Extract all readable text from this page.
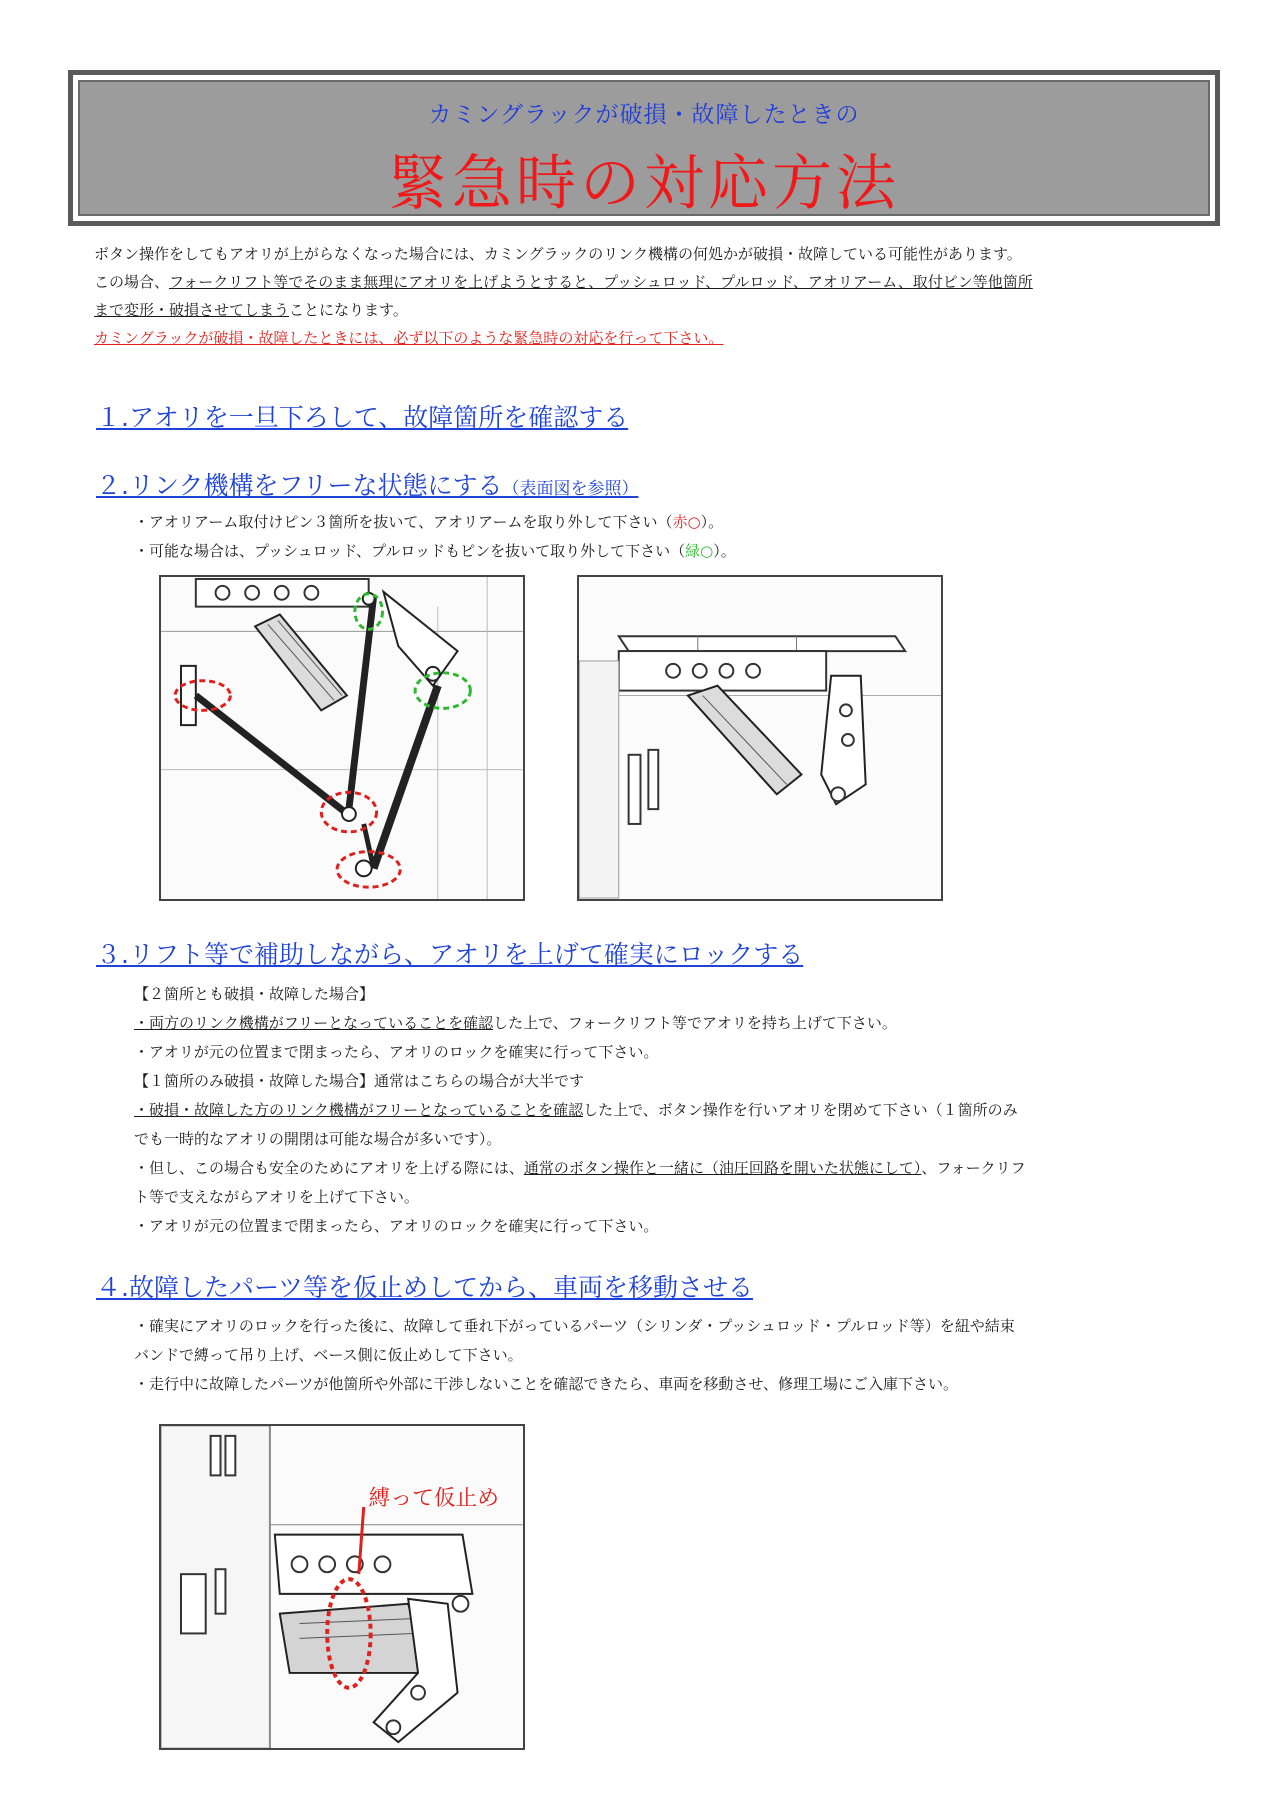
カミングラックが破損・故障したときの
緊急時の対応方法

ボタン操作をしてもアオリが上がらなくなった場合には、カミングラックのリンク機構の何処かが破損・故障している可能性があります。

この場合、フォークリフト等でそのまま無理にアオリを上げようとすると、プッシュロッド、プルロッド、アオリアーム、取付ピン等他箇所

まで変形・破損させてしまうことになります。

カミングラックが破損・故障したときには、必ず以下のような緊急時の対応を行って下さい。

１.アオリを一旦下ろして、故障箇所を確認する
２.リンク機構をフリーな状態にする（表面図を参照）

・アオリアーム取付けピン３箇所を抜いて、アオリアームを取り外して下さい（赤○）。

・可能な場合は、プッシュロッド、プルロッドもピンを抜いて取り外して下さい（緑○）。

３.リフト等で補助しながら、アオリを上げて確実にロックする

【２箇所とも破損・故障した場合】

・両方のリンク機構がフリーとなっていることを確認した上で、フォークリフト等でアオリを持ち上げて下さい。

・アオリが元の位置まで閉まったら、アオリのロックを確実に行って下さい。

【１箇所のみ破損・故障した場合】通常はこちらの場合が大半です

・破損・故障した方のリンク機構がフリーとなっていることを確認した上で、ボタン操作を行いアオリを閉めて下さい（１箇所のみ

でも一時的なアオリの開閉は可能な場合が多いです）。

・但し、この場合も安全のためにアオリを上げる際には、通常のボタン操作と一緒に（油圧回路を開いた状態にして）、フォークリフ

ト等で支えながらアオリを上げて下さい。

・アオリが元の位置まで閉まったら、アオリのロックを確実に行って下さい。

４.故障したパーツ等を仮止めしてから、車両を移動させる

・確実にアオリのロックを行った後に、故障して垂れ下がっているパーツ（シリンダ・プッシュロッド・プルロッド等）を紐や結束

バンドで縛って吊り上げ、ベース側に仮止めして下さい。

・走行中に故障したパーツが他箇所や外部に干渉しないことを確認できたら、車両を移動させ、修理工場にご入庫下さい。

縛って仮止め
